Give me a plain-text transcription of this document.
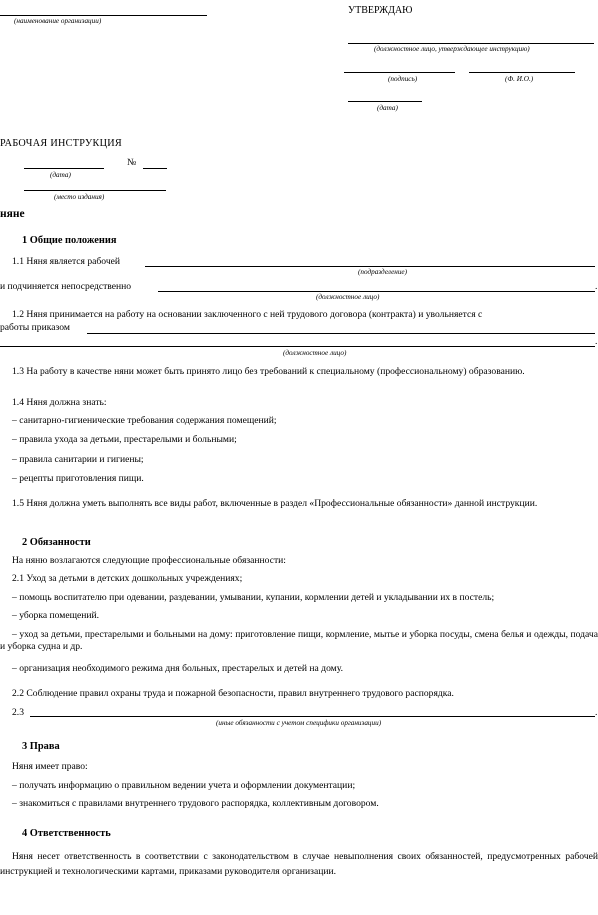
(наименование организации)
УТВЕРЖДАЮ
(должностное лицо, утверждающее инструкцию)
(подпись)	(Ф. И.О.)
(дата)
РАБОЧАЯ ИНСТРУКЦИЯ
№
(дата)
(место издания)
няне
1 Общие положения
1.1 Няня является рабочей
(подразделение)
и подчиняется непосредственно	.
(должностное лицо)
1.2 Няня принимается на работу на основании заключенного с ней трудового договора (контракта) и увольняется с
работы приказом
.
(должностное лицо)
1.3 На работу в качестве няни может быть принято лицо без требований к специальному (профессиональному) образованию.
1.4 Няня должна знать:
– санитарно-гигиенические требования содержания помещений;
– правила ухода за детьми, престарелыми и больными;
– правила санитарии и гигиены;
– рецепты приготовления пищи.
1.5 Няня должна уметь выполнять все виды работ, включенные в раздел «Профессиональные обязанности» данной инструкции.
2 Обязанности
На няню возлагаются следующие профессиональные обязанности:
2.1 Уход за детьми в детских дошкольных учреждениях;
– помощь воспитателю при одевании, раздевании, умывании, купании, кормлении детей и укладывании их в постель;
– уборка помещений.
– уход за детьми, престарелыми и больными на дому: приготовление пищи, кормление, мытье и уборка посуды, смена белья и одежды, подача и уборка судна и др.
– организация необходимого режима дня больных, престарелых и детей на дому.
2.2 Соблюдение правил охраны труда и пожарной безопасности, правил внутреннего трудового распорядка.
2.3	.
(иные обязанности с учетом специфики организации)
3 Права
Няня имеет право:
– получать информацию о правильном ведении учета и оформлении документации;
– знакомиться с правилами внутреннего трудового распорядка, коллективным договором.
4 Ответственность
Няня несет ответственность в соответствии с законодательством в случае невыполнения своих обязанностей, предусмотренных рабочей инструкцией и технологическими картами, приказами руководителя организации.
